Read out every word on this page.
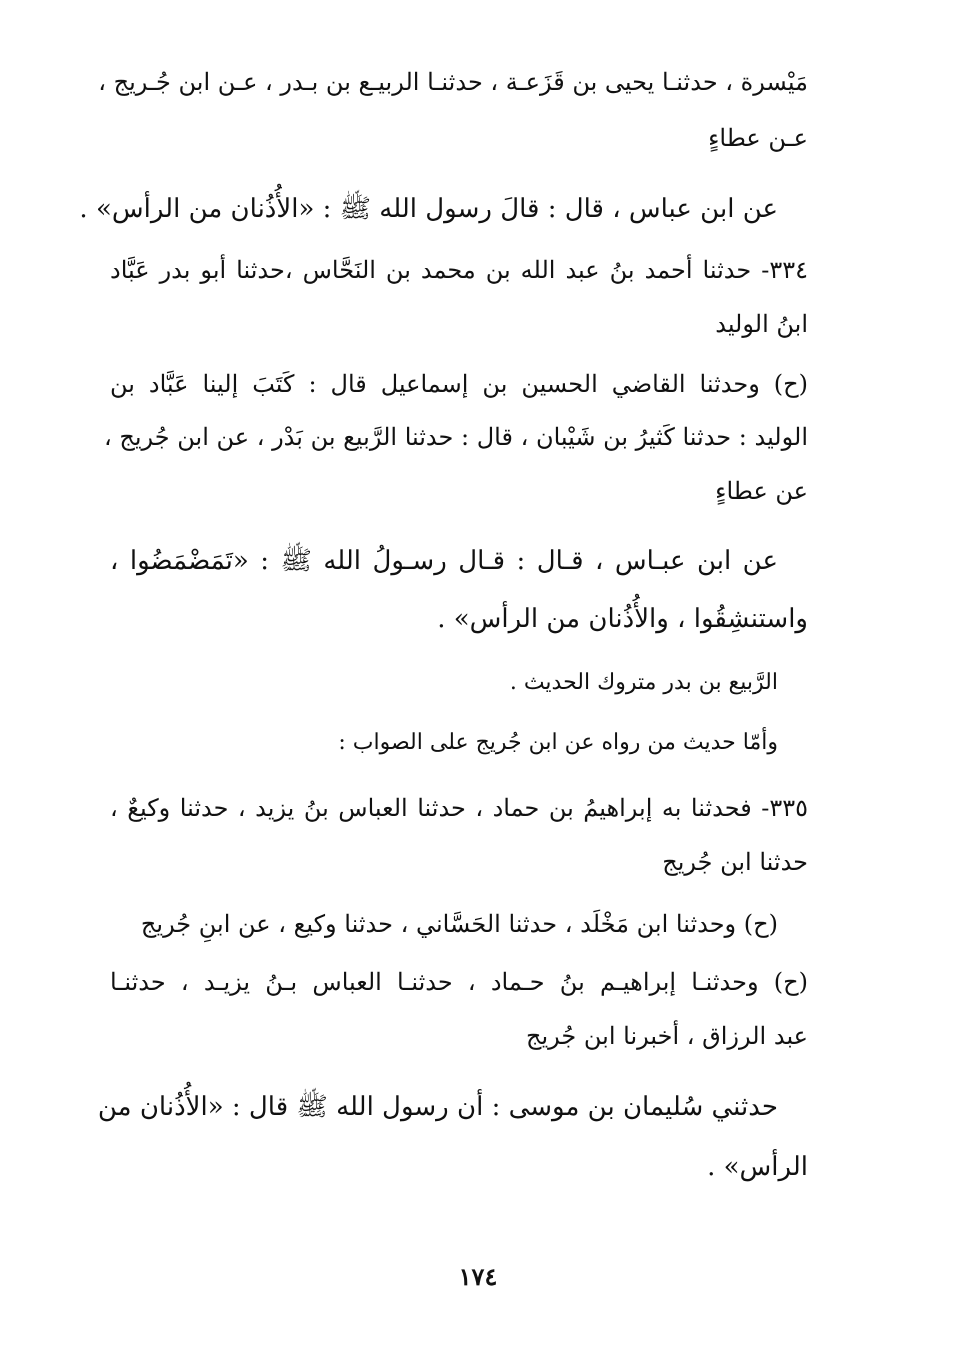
مَيْسرة ، حدثنـا يحيى بن قَزَعـة ، حدثنـا الربيـع بن بـدر ، عـن ابن جُـريج ،
عـن عطاءٍ
عن ابن عباس ، قال : قالَ رسول الله ﷺ : «الأُذُنان من الرأس» .
٣٣٤- حدثنا أحمد بنُ عبد الله بن محمد بن النَحَّاس ،حدثنا أبو بدر عَبَّاد
ابنُ الوليد
(ح) وحدثنا القاضي الحسين بن إسماعيل قال : كَتَبَ إلينا عَبَّاد بن
الوليد : حدثنا كَثيرُ بن شَيْبان ، قال : حدثنا الرَّبيع بن بَدْر ، عن ابن جُريج ،
عن عطاءٍ
عن ابن عبـاس ، قـال : قـال رسـولُ الله ﷺ : «تَمَضْمَضُوا ،
واستنشِقُوا ، والأُذُنان من الرأس» .
الرَّبيع بن بدر متروك الحديث .
وأمّا حديث من رواه عن ابن جُريج على الصواب :
٣٣٥- فحدثنا به إبراهيمُ بن حماد ، حدثنا العباس بنُ يزيد ، حدثنا وكيعٌ ،
حدثنا ابن جُريج
(ح) وحدثنا ابن مَخْلَد ، حدثنا الحَسَّاني ، حدثنا وكيع ، عن ابنِ جُريج
(ح) وحدثنـا إبراهيـم بنُ حـماد ، حدثنـا العباس بـنُ يزيـد ، حدثنـا
عبد الرزاق ، أخبرنا ابن جُريج
حدثني سُليمان بن موسى : أن رسول الله ﷺ قال : «الأُذُنان من
الرأس» .
١٧٤
